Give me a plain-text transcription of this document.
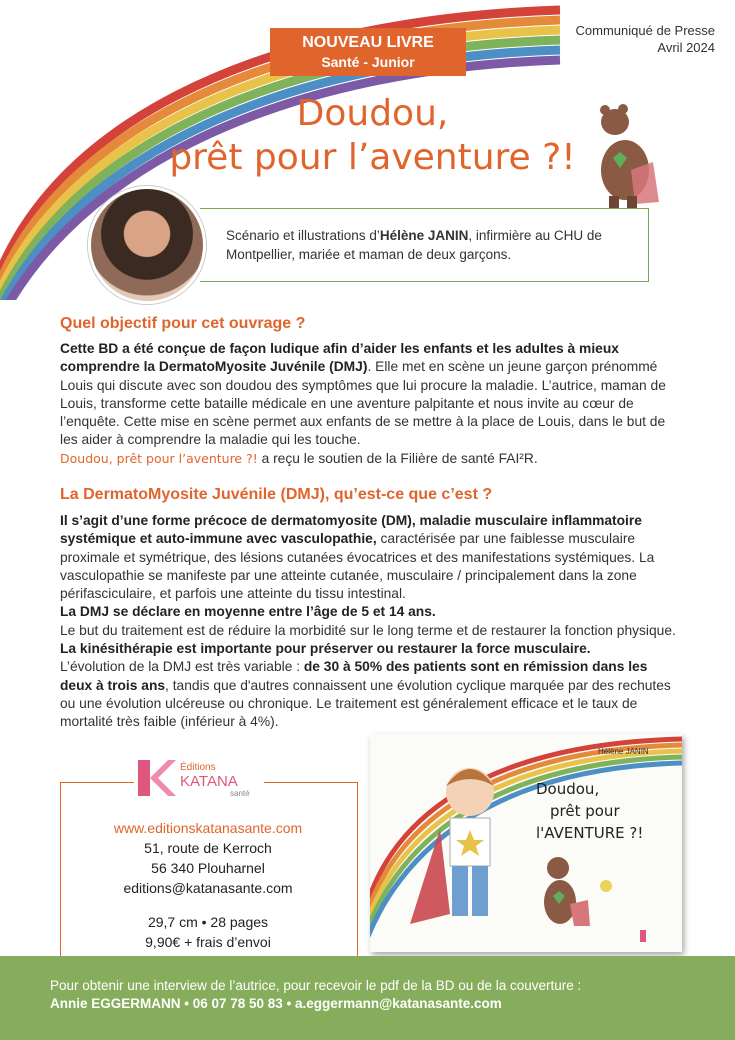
Communiqué de Presse
Avril 2024
NOUVEAU LIVRE
Santé - Junior
Doudou,
prêt pour l’aventure ?!
Scénario et illustrations d’Hélène JANIN, infirmière au CHU de Montpellier, mariée et maman de deux garçons.
Quel objectif pour cet ouvrage ?

Cette BD a été conçue de façon ludique afin d’aider les enfants et les adultes à mieux comprendre la DermatoMyosite Juvénile (DMJ). Elle met en scène un jeune garçon prénommé Louis qui discute avec son doudou des symptômes que lui procure la maladie. L’autrice, maman de Louis, transforme cette bataille médicale en une aventure palpitante et nous invite au cœur de l’enquête. Cette mise en scène permet aux enfants de se mettre à la place de Louis, dans le but de les aider à comprendre la maladie qui les touche.
Doudou, prêt pour l’aventure ?! a reçu le soutien de la Filière de santé FAI²R.

La DermatoMyosite Juvénile (DMJ), qu’est-ce que c’est ?

Il s’agit d’une forme précoce de dermatomyosite (DM), maladie musculaire inflammatoire systémique et auto-immune avec vasculopathie, caractérisée par une faiblesse musculaire proximale et symétrique, des lésions cutanées évocatrices et des manifestations systémiques. La vasculopathie se manifeste par une atteinte cutanée, musculaire / principalement dans la zone périfasciculaire, et parfois une atteinte du tissu intestinal.
La DMJ se déclare en moyenne entre l’âge de 5 et 14 ans.
Le but du traitement est de réduire la morbidité sur le long terme et de restaurer la fonction physique.
La kinésithérapie est importante pour préserver ou restaurer la force musculaire.
L’évolution de la DMJ est très variable : de 30 à 50% des patients sont en rémission dans les deux à trois ans, tandis que d'autres connaissent une évolution cyclique marquée par des rechutes ou une évolution ulcéreuse ou chronique. Le traitement est généralement efficace et le taux de mortalité très faible (inférieur à 4%).

Éditions
KATANA
santé
www.editionskatanasante.com
51, route de Kerroch
56 340 Plouharnel
editions@katanasante.com
29,7 cm • 28 pages
9,90€ + frais d’envoi
Hélène JANIN
Doudou,
prêt pour
l'AVENTURE ?!
Pour obtenir une interview de l’autrice, pour recevoir le pdf de la BD ou de la couverture :
Annie EGGERMANN • 06 07 78 50 83 • a.eggermann@katanasante.com
